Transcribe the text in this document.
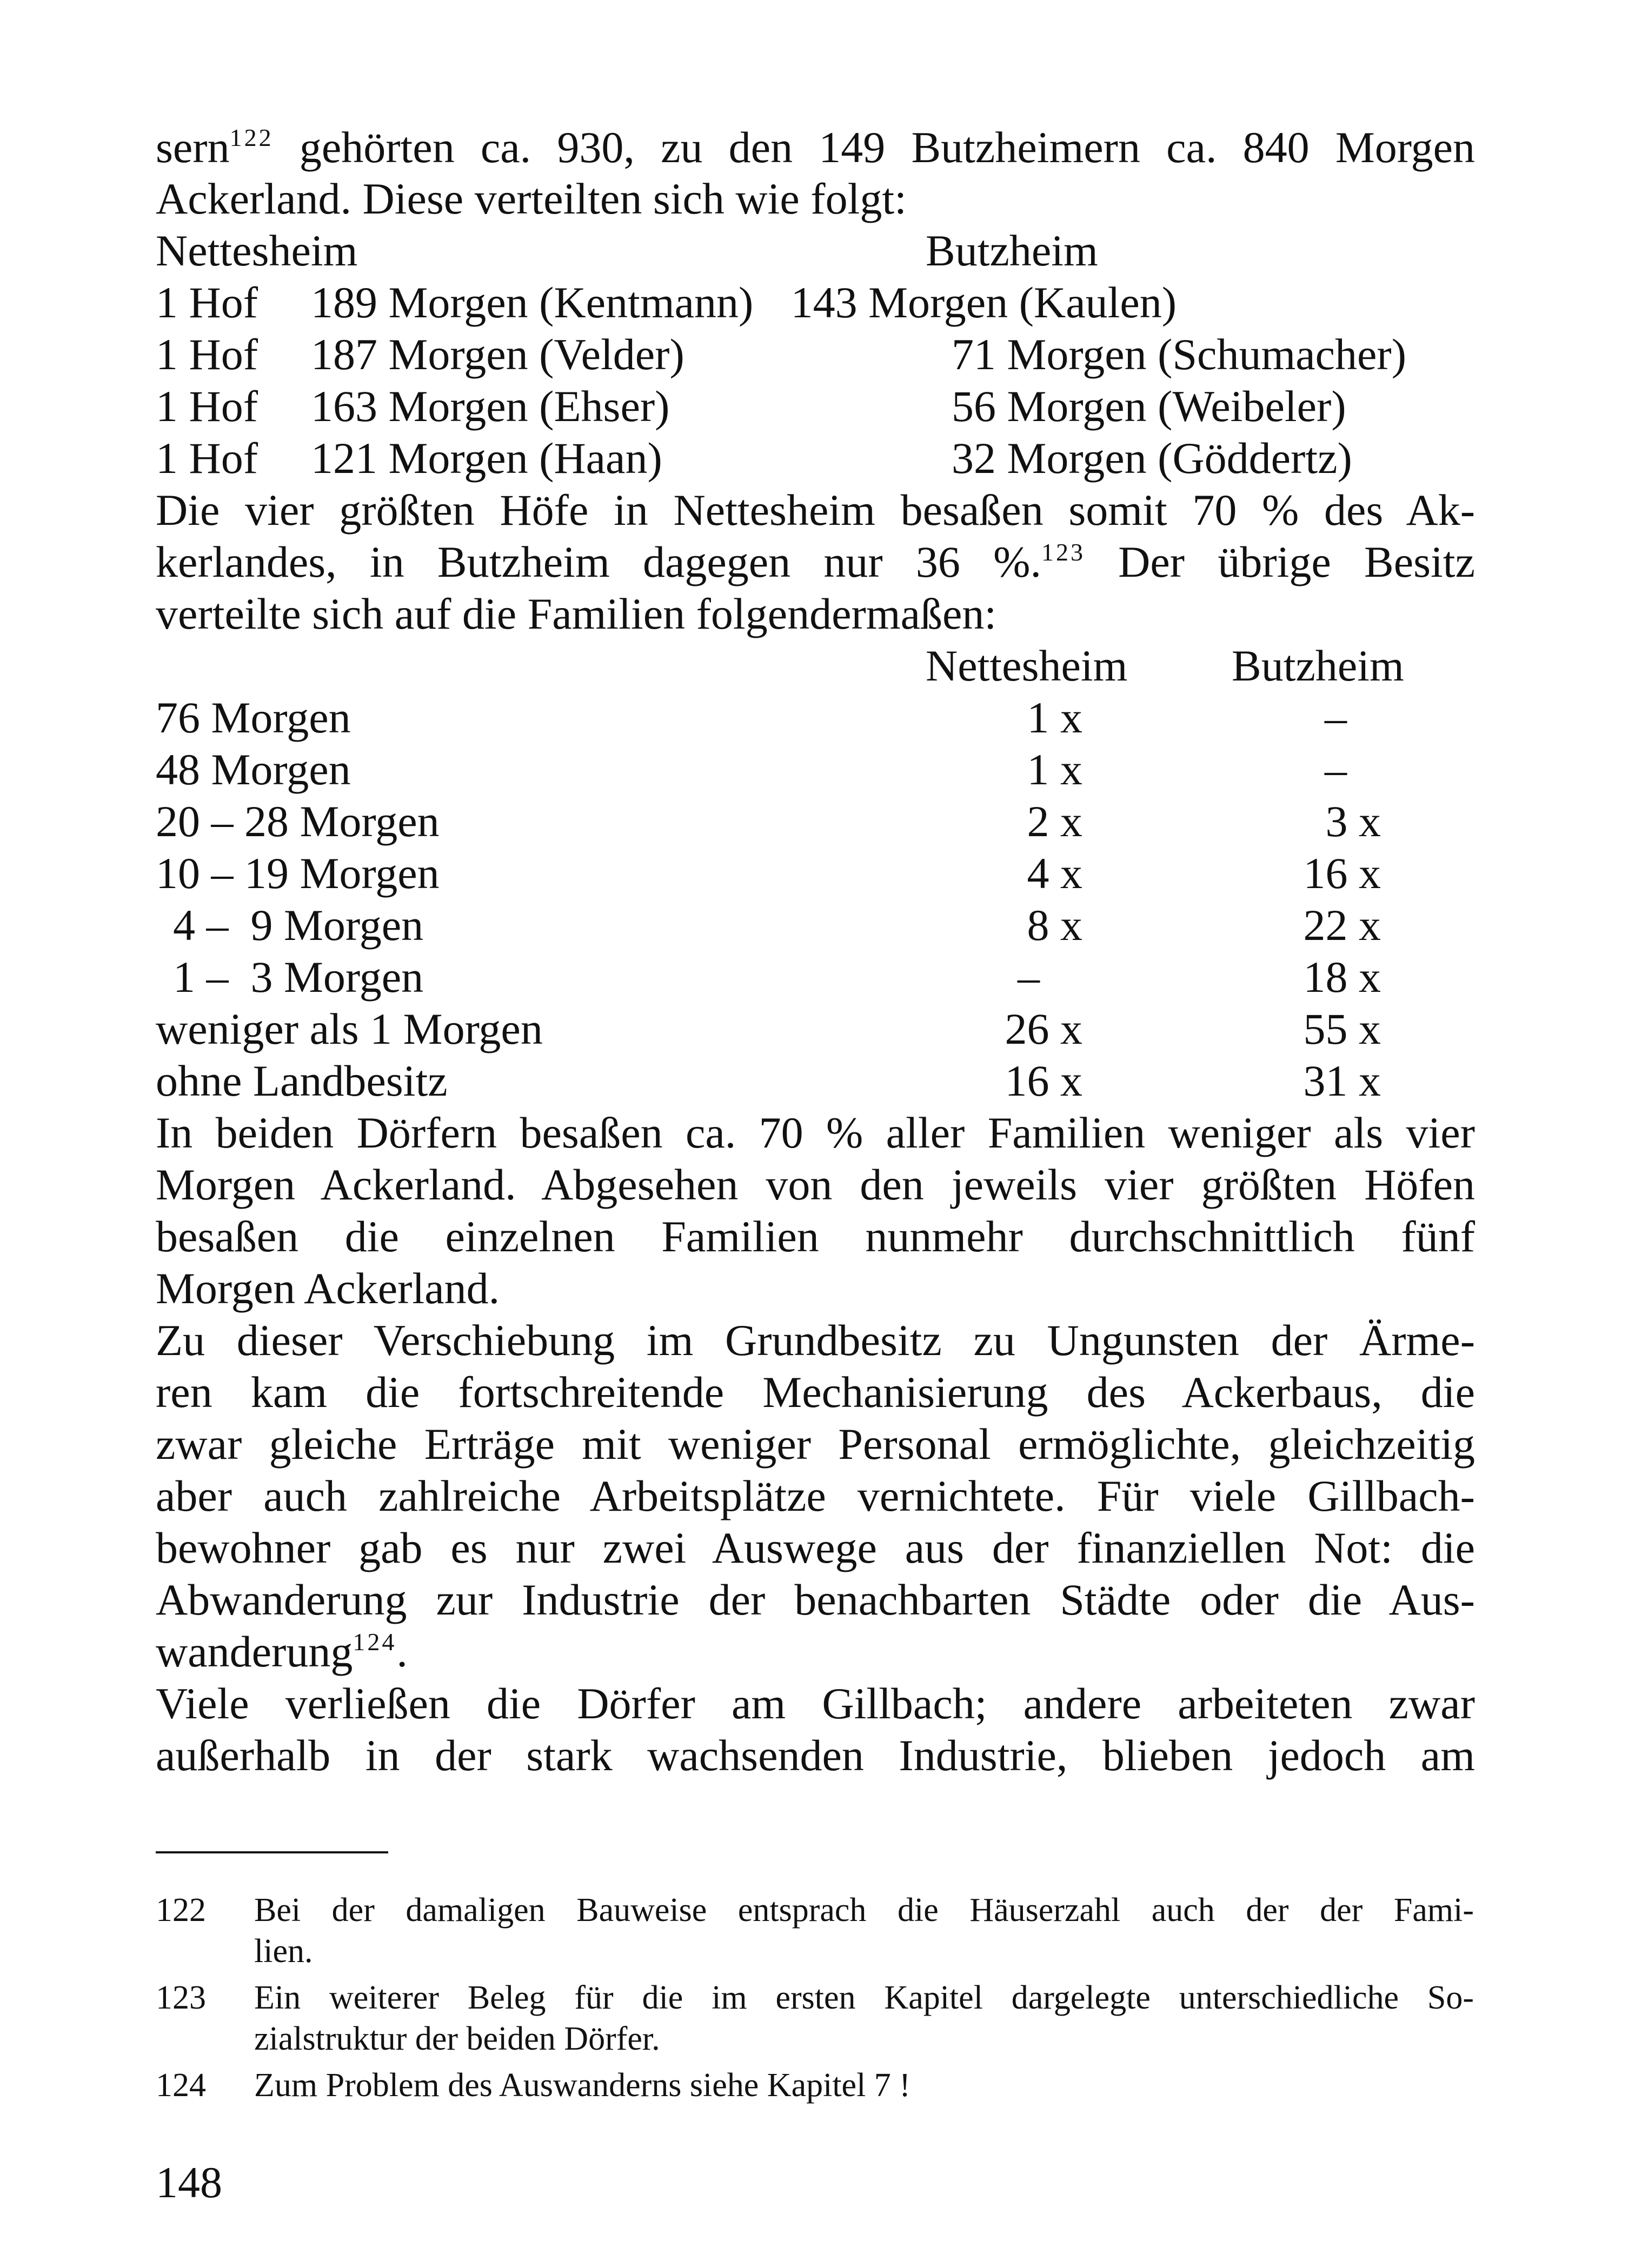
sern$^{122}$ gehörten ca. 930, zu den 149 Butzheimern ca. 840 Morgen
Ackerland. Diese verteilten sich wie folgt:
Nettesheim	Butzheim
1 Hof 189 Morgen (Kentmann) 143 Morgen (Kaulen)
1 Hof 187 Morgen (Velder)	71 Morgen (Schumacher)
1 Hof 163 Morgen (Ehser)	56 Morgen (Weibeler)
1 Hof 121 Morgen (Haan)	32 Morgen (Göddertz)
Die vier größten Höfe in Nettesheim besaßen somit 70 % des Ak-
kerlandes, in Butzheim dagegen nur 36 %.$^{123}$ Der übrige Besitz
verteilte sich auf die Familien folgendermaßen:
Nettesheim Butzheim
76 Morgen	1 x	–
48 Morgen	1 x	–
20 – 28 Morgen	2 x	3 x
10 – 19 Morgen	4 x	16 x
4 –  9 Morgen	8 x	22 x
1 –  3 Morgen	–	18 x
weniger als 1 Morgen	26 x	55 x
ohne Landbesitz	16 x	31 x
In beiden Dörfern besaßen ca. 70 % aller Familien weniger als vier
Morgen Ackerland. Abgesehen von den jeweils vier größten Höfen
besaßen die einzelnen Familien nunmehr durchschnittlich fünf
Morgen Ackerland.
Zu dieser Verschiebung im Grundbesitz zu Ungunsten der Ärme-
ren kam die fortschreitende Mechanisierung des Ackerbaus, die
zwar gleiche Erträge mit weniger Personal ermöglichte, gleichzeitig
aber auch zahlreiche Arbeitsplätze vernichtete. Für viele Gillbach-
bewohner gab es nur zwei Auswege aus der finanziellen Not: die
Abwanderung zur Industrie der benachbarten Städte oder die Aus-
wanderung$^{124}$.
Viele verließen die Dörfer am Gillbach; andere arbeiteten zwar
außerhalb in der stark wachsenden Industrie, blieben jedoch am
122 Bei der damaligen Bauweise entsprach die Häuserzahl auch der der Fami-
lien.
123 Ein weiterer Beleg für die im ersten Kapitel dargelegte unterschiedliche So-
zialstruktur der beiden Dörfer.
124 Zum Problem des Auswanderns siehe Kapitel 7 !
148
